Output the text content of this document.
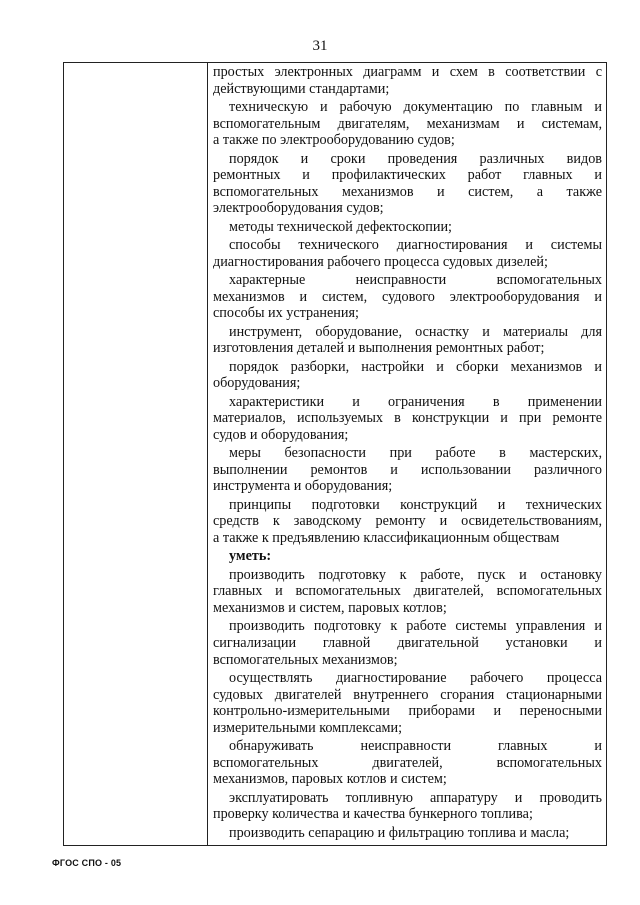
31
простых электронных диаграмм и схем в соответствии с
действующими стандартами;
техническую и рабочую документацию по главным и
вспомогательным двигателям, механизмам и системам,
а также по электрооборудованию судов;
порядок и сроки проведения различных видов
ремонтных и профилактических работ главных и
вспомогательных механизмов и систем, а также
электрооборудования судов;
методы технической дефектоскопии;
способы технического диагностирования и системы
диагностирования рабочего процесса судовых дизелей;
характерные неисправности вспомогательных
механизмов и систем, судового электрооборудования и
способы их устранения;
инструмент, оборудование, оснастку и материалы для
изготовления деталей и выполнения ремонтных работ;
порядок разборки, настройки и сборки механизмов и
оборудования;
характеристики и ограничения в применении
материалов, используемых в конструкции и при ремонте
судов и оборудования;
меры безопасности при работе в мастерских,
выполнении ремонтов и использовании различного
инструмента и оборудования;
принципы подготовки конструкций и технических
средств к заводскому ремонту и освидетельствованиям,
а также к предъявлению классификационным обществам
уметь:
производить подготовку к работе, пуск и остановку
главных и вспомогательных двигателей, вспомогательных
механизмов и систем, паровых котлов;
производить подготовку к работе системы управления и
сигнализации главной двигательной установки и
вспомогательных механизмов;
осуществлять диагностирование рабочего процесса
судовых двигателей внутреннего сгорания стационарными
контрольно-измерительными приборами и переносными
измерительными комплексами;
обнаруживать неисправности главных и
вспомогательных двигателей, вспомогательных
механизмов, паровых котлов и систем;
эксплуатировать топливную аппаратуру и проводить
проверку количества и качества бункерного топлива;
производить сепарацию и фильтрацию топлива и масла;
ФГОС СПО - 05
